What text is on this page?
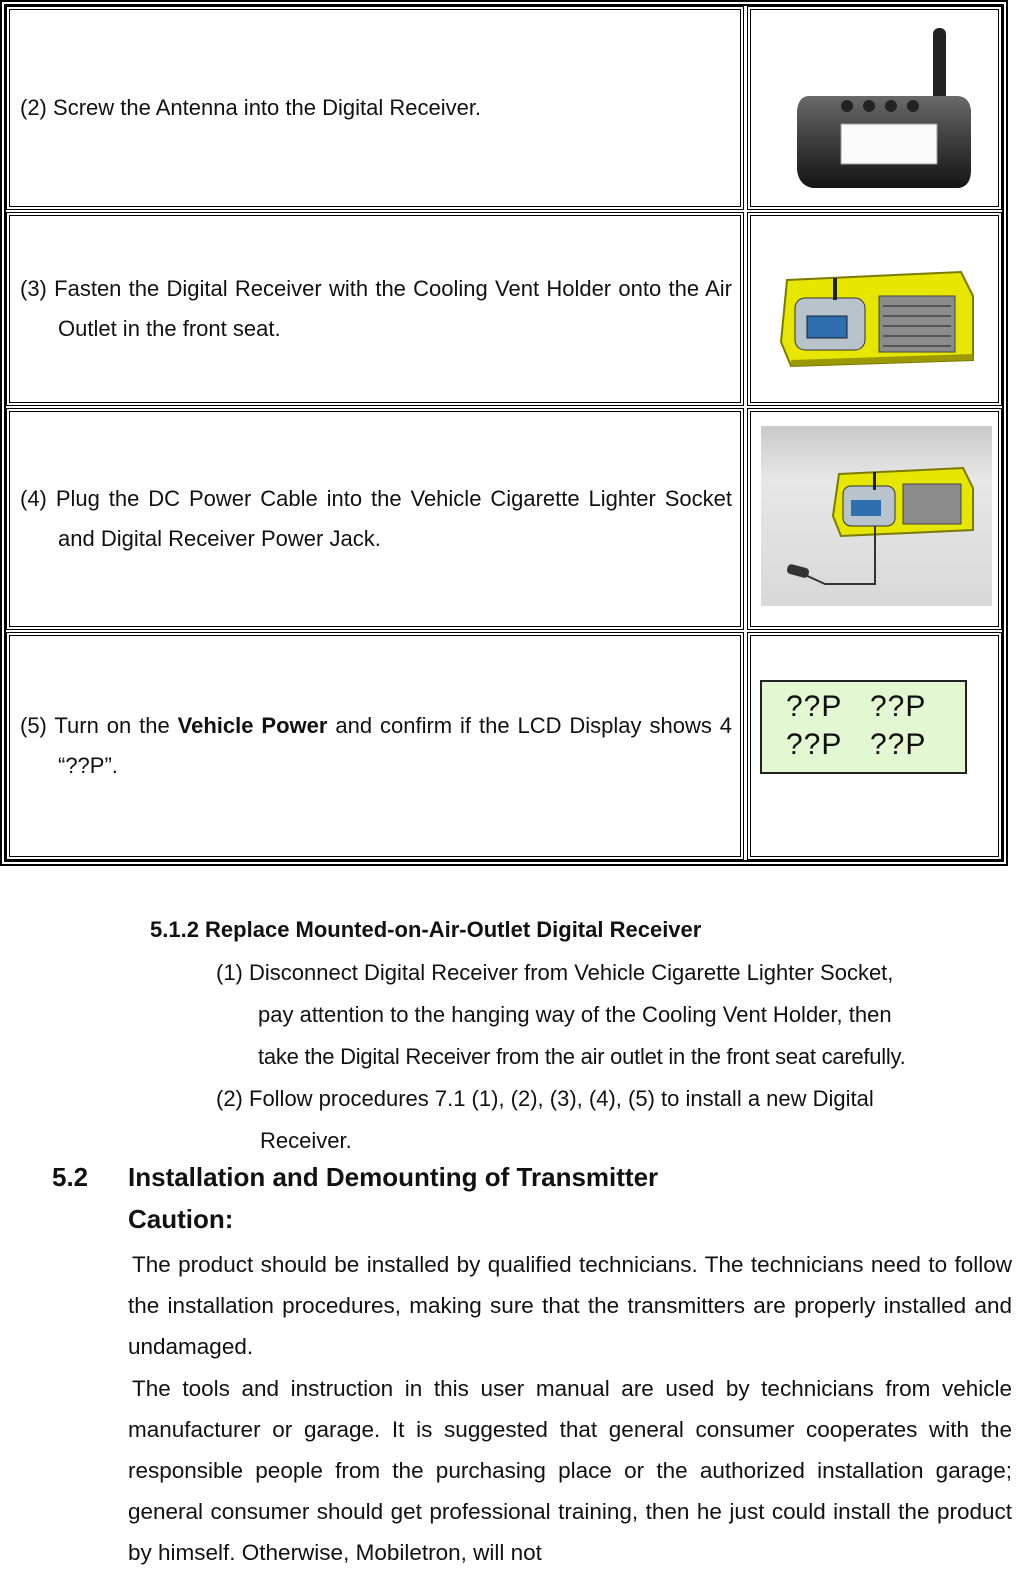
(2) Screw the Antenna into the Digital Receiver.
(3) Fasten the Digital Receiver with the Cooling Vent Holder onto the Air Outlet in the front seat.
(4) Plug the DC Power Cable into the Vehicle Cigarette Lighter Socket and Digital Receiver Power Jack.
(5) Turn on the Vehicle Power and confirm if the LCD Display shows 4 “??P”.
??P ??P
??P ??P
5.1.2 Replace Mounted-on-Air-Outlet Digital Receiver
(1) Disconnect Digital Receiver from Vehicle Cigarette Lighter Socket,
pay attention to the hanging way of the Cooling Vent Holder, then
take the Digital Receiver from the air outlet in the front seat carefully.
(2) Follow procedures 7.1 (1), (2), (3), (4), (5) to install a new Digital
Receiver.
5.2 Installation and Demounting of Transmitter
Caution:
The product should be installed by qualified technicians. The technicians need to follow the installation procedures, making sure that the transmitters are properly installed and undamaged.
The tools and instruction in this user manual are used by technicians from vehicle manufacturer or garage. It is suggested that general consumer cooperates with the responsible people from the purchasing place or the authorized installation garage; general consumer should get professional training, then he just could install the product by himself. Otherwise, Mobiletron, will not
